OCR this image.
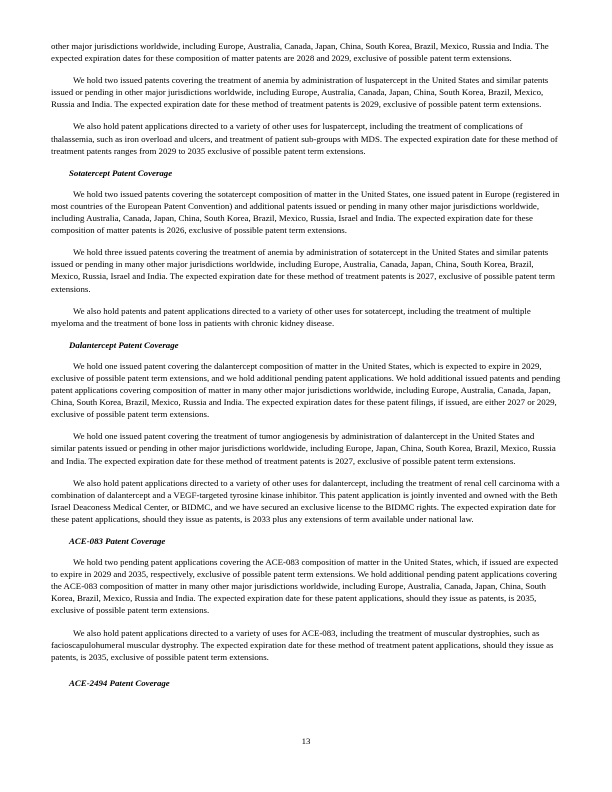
other major jurisdictions worldwide, including Europe, Australia, Canada, Japan, China, South Korea, Brazil, Mexico, Russia and India. The expected expiration dates for these composition of matter patents are 2028 and 2029, exclusive of possible patent term extensions.

We hold two issued patents covering the treatment of anemia by administration of luspatercept in the United States and similar patents issued or pending in other major jurisdictions worldwide, including Europe, Australia, Canada, Japan, China, South Korea, Brazil, Mexico, Russia and India. The expected expiration date for these method of treatment patents is 2029, exclusive of possible patent term extensions.

We also hold patent applications directed to a variety of other uses for luspatercept, including the treatment of complications of thalassemia, such as iron overload and ulcers, and treatment of patient sub-groups with MDS. The expected expiration date for these method of treatment patents ranges from 2029 to 2035 exclusive of possible patent term extensions.

Sotatercept Patent Coverage

We hold two issued patents covering the sotatercept composition of matter in the United States, one issued patent in Europe (registered in most countries of the European Patent Convention) and additional patents issued or pending in many other major jurisdictions worldwide, including Australia, Canada, Japan, China, South Korea, Brazil, Mexico, Russia, Israel and India. The expected expiration date for these composition of matter patents is 2026, exclusive of possible patent term extensions.

We hold three issued patents covering the treatment of anemia by administration of sotatercept in the United States and similar patents issued or pending in many other major jurisdictions worldwide, including Europe, Australia, Canada, Japan, China, South Korea, Brazil, Mexico, Russia, Israel and India. The expected expiration date for these method of treatment patents is 2027, exclusive of possible patent term extensions.

We also hold patents and patent applications directed to a variety of other uses for sotatercept, including the treatment of multiple myeloma and the treatment of bone loss in patients with chronic kidney disease.

Dalantercept Patent Coverage

We hold one issued patent covering the dalantercept composition of matter in the United States, which is expected to expire in 2029, exclusive of possible patent term extensions, and we hold additional pending patent applications. We hold additional issued patents and pending patent applications covering composition of matter in many other major jurisdictions worldwide, including Europe, Australia, Canada, Japan, China, South Korea, Brazil, Mexico, Russia and India. The expected expiration dates for these patent filings, if issued, are either 2027 or 2029, exclusive of possible patent term extensions.

We hold one issued patent covering the treatment of tumor angiogenesis by administration of dalantercept in the United States and similar patents issued or pending in other major jurisdictions worldwide, including Europe, Japan, China, South Korea, Brazil, Mexico, Russia and India. The expected expiration date for these method of treatment patents is 2027, exclusive of possible patent term extensions.

We also hold patent applications directed to a variety of other uses for dalantercept, including the treatment of renal cell carcinoma with a combination of dalantercept and a VEGF-targeted tyrosine kinase inhibitor. This patent application is jointly invented and owned with the Beth Israel Deaconess Medical Center, or BIDMC, and we have secured an exclusive license to the BIDMC rights. The expected expiration date for these patent applications, should they issue as patents, is 2033 plus any extensions of term available under national law.

ACE-083 Patent Coverage

We hold two pending patent applications covering the ACE-083 composition of matter in the United States, which, if issued are expected to expire in 2029 and 2035, respectively, exclusive of possible patent term extensions. We hold additional pending patent applications covering the ACE-083 composition of matter in many other major jurisdictions worldwide, including Europe, Australia, Canada, Japan, China, South Korea, Brazil, Mexico, Russia and India. The expected expiration date for these patent applications, should they issue as patents, is 2035, exclusive of possible patent term extensions.

We also hold patent applications directed to a variety of uses for ACE-083, including the treatment of muscular dystrophies, such as facioscapulohumeral muscular dystrophy. The expected expiration date for these method of treatment patent applications, should they issue as patents, is 2035, exclusive of possible patent term extensions.

ACE-2494 Patent Coverage
13
